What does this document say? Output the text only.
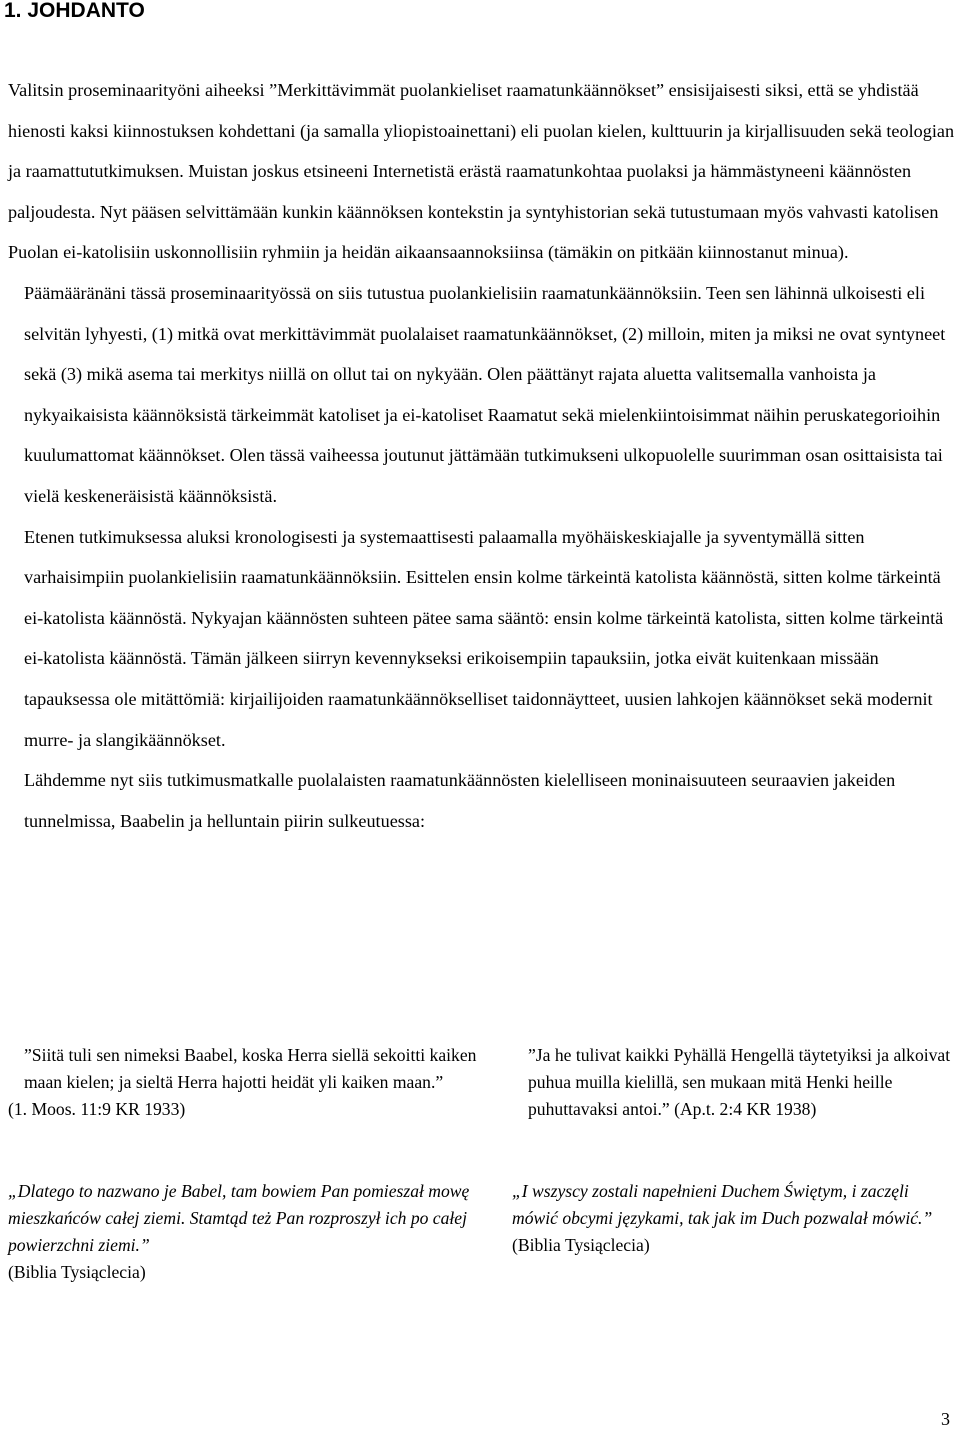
1. JOHDANTO

Valitsin proseminaarityöni aiheeksi ”Merkittävimmät puolankieliset raamatunkäännökset” ensisijaisesti siksi, että se yhdistää hienosti kaksi kiinnostuksen kohdettani (ja samalla yliopistoainettani) eli puolan kielen, kulttuurin ja kirjallisuuden sekä teologian ja raamattututkimuksen. Muistan joskus etsineeni Internetistä erästä raamatunkohtaa puolaksi ja hämmästyneeni käännösten paljoudesta. Nyt pääsen selvittämään kunkin käännöksen kontekstin ja syntyhistorian sekä tutustumaan myös vahvasti katolisen Puolan ei-katolisiin uskonnollisiin ryhmiin ja heidän aikaansaannoksiinsa (tämäkin on pitkään kiinnostanut minua).

Päämääränäni tässä proseminaarityössä on siis tutustua puolankielisiin raamatunkäännöksiin. Teen sen lähinnä ulkoisesti eli selvitän lyhyesti, (1) mitkä ovat merkittävimmät puolalaiset raamatunkäännökset, (2) milloin, miten ja miksi ne ovat syntyneet sekä (3) mikä asema tai merkitys niillä on ollut tai on nykyään. Olen päättänyt rajata aluetta valitsemalla vanhoista ja nykyaikaisista käännöksistä tärkeimmät katoliset ja ei-katoliset Raamatut sekä mielenkiintoisimmat näihin peruskategorioihin kuulumattomat käännökset. Olen tässä vaiheessa joutunut jättämään tutkimukseni ulkopuolelle suurimman osan osittaisista tai vielä keskeneräisistä käännöksistä.

Etenen tutkimuksessa aluksi kronologisesti ja systemaattisesti palaamalla myöhäiskeskiajalle ja syventymällä sitten varhaisimpiin puolankielisiin raamatunkäännöksiin. Esittelen ensin kolme tärkeintä katolista käännöstä, sitten kolme tärkeintä ei-katolista käännöstä. Nykyajan käännösten suhteen pätee sama sääntö: ensin kolme tärkeintä katolista, sitten kolme tärkeintä ei-katolista käännöstä. Tämän jälkeen siirryn kevennykseksi erikoisempiin tapauksiin, jotka eivät kuitenkaan missään tapauksessa ole mitättömiä: kirjailijoiden raamatunkäännökselliset taidonnäytteet, uusien lahkojen käännökset sekä modernit murre- ja slangikäännökset.

Lähdemme nyt siis tutkimusmatkalle puolalaisten raamatunkäännösten kielelliseen moninaisuuteen seuraavien jakeiden tunnelmissa, Baabelin ja helluntain piirin sulkeutuessa:

”Siitä tuli sen nimeksi Baabel, koska Herra siellä sekoitti kaiken maan kielen; ja sieltä Herra hajotti heidät yli kaiken maan.”

(1. Moos. 11:9 KR 1933)

„Dlatego to nazwano je Babel, tam bowiem Pan pomieszał mowę mieszkańców całej ziemi. Stamtąd też Pan rozproszył ich po całej powierzchni ziemi.”

(Biblia Tysiąclecia)

”Ja he tulivat kaikki Pyhällä Hengellä täytetyiksi ja alkoivat puhua muilla kielillä, sen mukaan mitä Henki heille puhuttavaksi antoi.” (Ap.t. 2:4 KR 1938)

„I wszyscy zostali napełnieni Duchem Świętym, i zaczęli mówić obcymi językami, tak jak im Duch pozwalał mówić.”

(Biblia Tysiąclecia)

3
